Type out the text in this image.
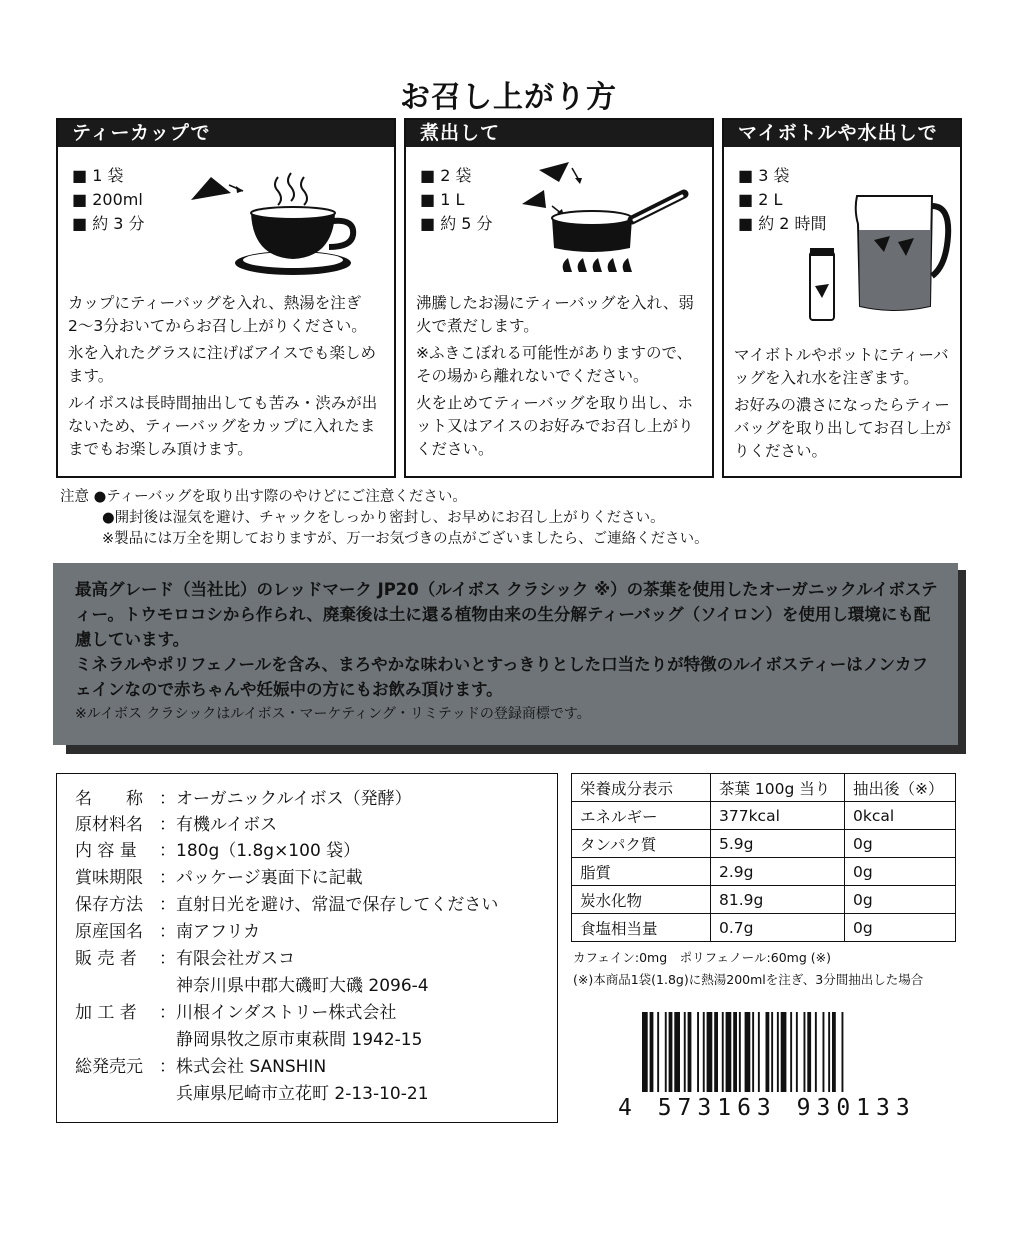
お召し上がり方
ティーカップで
■ 1 袋
■ 200ml
■ 約 3 分

カップにティーバッグを入れ、熱湯を注ぎ 2〜3分おいてからお召し上がりください。

氷を入れたグラスに注げばアイスでも楽しめます。

ルイボスは長時間抽出しても苦み・渋みが出ないため、ティーバッグをカップに入れたままでもお楽しみ頂けます。

煮出して
■ 2 袋
■ 1 L
■ 約 5 分

沸騰したお湯にティーバッグを入れ、弱火で煮だします。

※ふきこぼれる可能性がありますので、その場から離れないでください。

火を止めてティーバッグを取り出し、ホット又はアイスのお好みでお召し上がりください。

マイボトルや水出しで
■ 3 袋
■ 2 L
■ 約 2 時間

マイボトルやポットにティーバッグを入れ水を注ぎます。

お好みの濃さになったらティーバッグを取り出してお召し上がりください。

注意 ●ティーバッグを取り出す際のやけどにご注意ください。
●開封後は湿気を避け、チャックをしっかり密封し、お早めにお召し上がりください。
※製品には万全を期しておりますが、万一お気づきの点がございましたら、ご連絡ください。

最高グレード（当社比）のレッドマーク JP20（ルイボス クラシック ※）の茶葉を使用したオーガニックルイボスティー。トウモロコシから作られ、廃棄後は土に還る植物由来の生分解ティーバッグ（ソイロン）を使用し環境にも配慮しています。

ミネラルやポリフェノールを含み、まろやかな味わいとすっきりとした口当たりが特徴のルイボスティーはノンカフェインなので赤ちゃんや妊娠中の方にもお飲み頂けます。

※ルイボス クラシックはルイボス・マーケティング・リミテッドの登録商標です。

名　　称 ：オーガニックルイボス（発酵）
原材料名 ：有機ルイボス
内 容 量 ：180g（1.8g×100 袋）
賞味期限 ：パッケージ裏面下に記載
保存方法 ：直射日光を避け、常温で保存してください
原産国名 ：南アフリカ
販 売 者 ：有限会社ガスコ
　神奈川県中郡大磯町大磯 2096-4
加 工 者 ：川根インダストリー株式会社
　静岡県牧之原市東萩間 1942-15
総発売元 ：株式会社 SANSHIN
　兵庫県尼崎市立花町 2-13-10-21
栄養成分表示	茶葉 100g 当り	抽出後（※）
エネルギー	377kcal	0kcal
タンパク質	5.9g	0g
脂質	2.9g	0g
炭水化物	81.9g	0g
食塩相当量	0.7g	0g
カフェイン:0mg　ポリフェノール:60mg (※)
(※)本商品1袋(1.8g)に熱湯200mlを注ぎ、3分間抽出した場合
4 573163 930133
